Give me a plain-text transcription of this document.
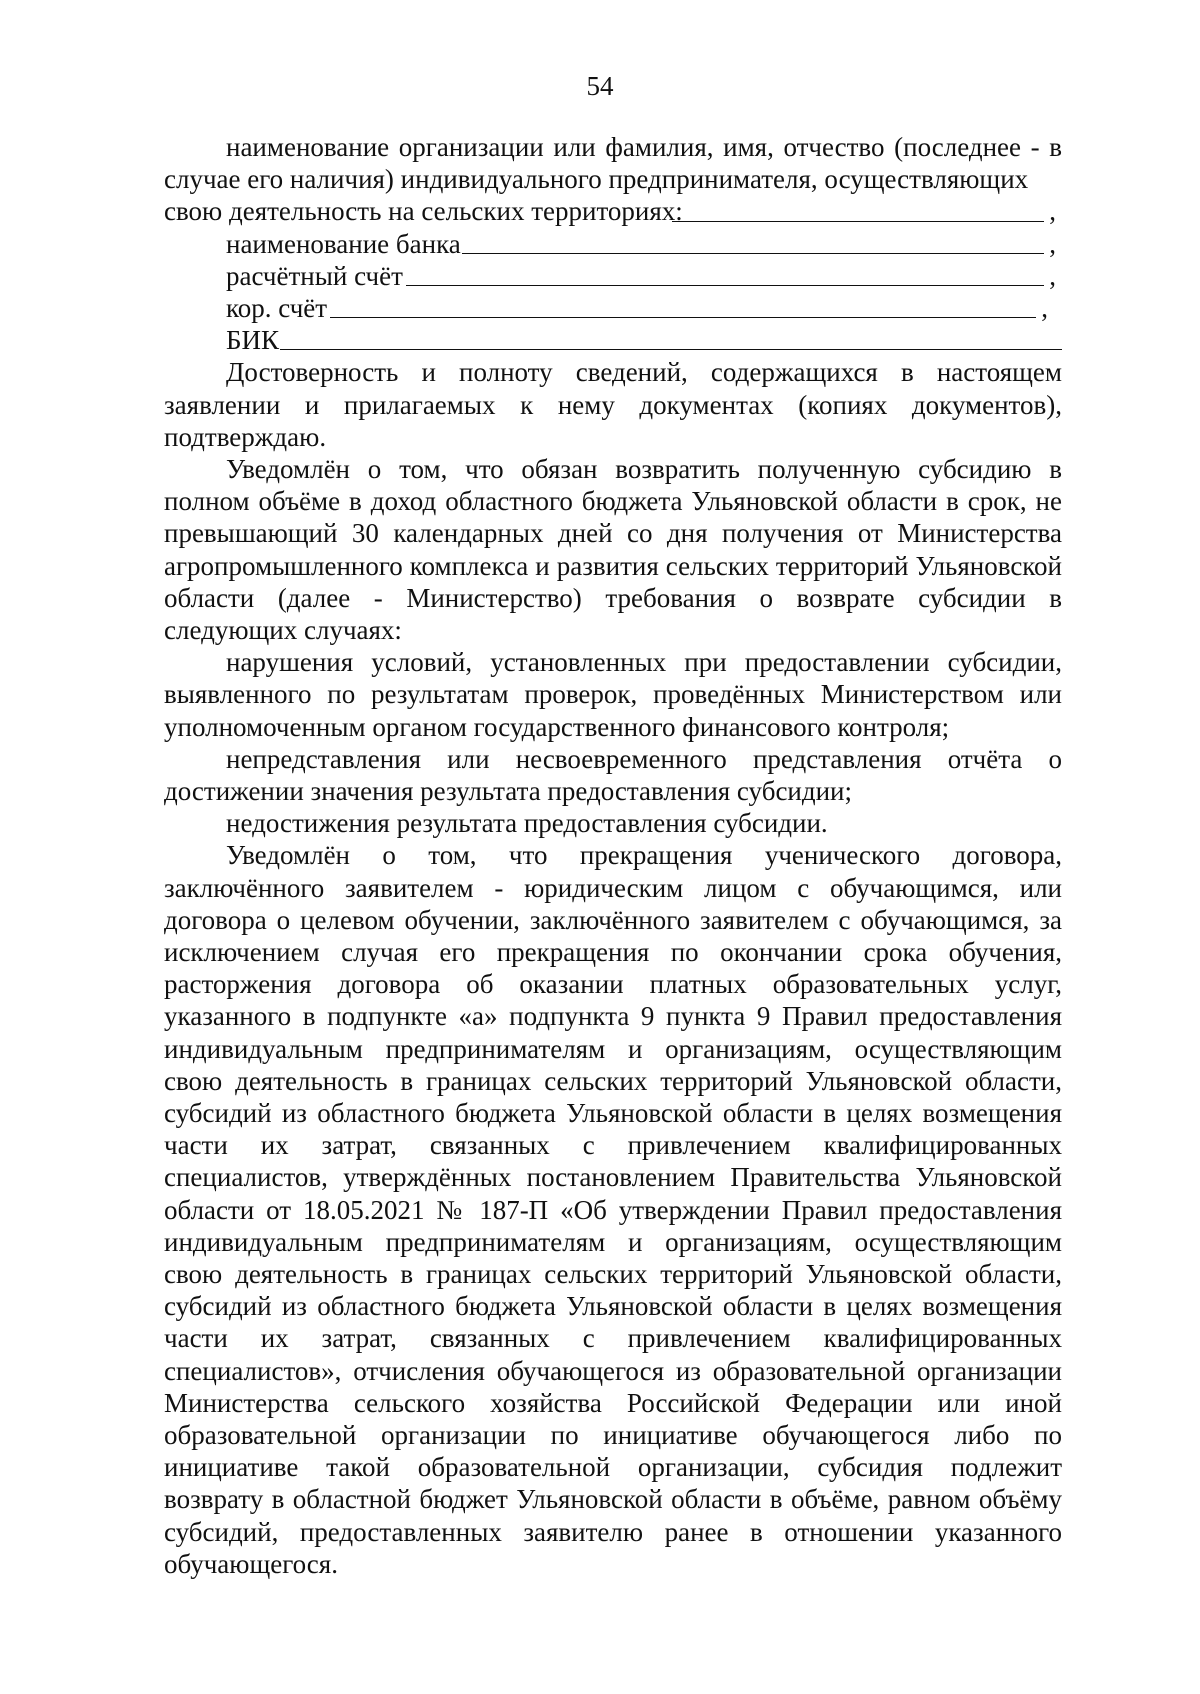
54

наименование организации или фамилия, имя, отчество (последнее - в случае его наличия) индивидуального предпринимателя, осуществляющих

свою деятельность на сельских территориях:	,
наименование банка	,
расчётный счёт	,
кор. счёт	,
БИК

Достоверность и полноту сведений, содержащихся в настоящем заявлении и прилагаемых к нему документах (копиях документов), подтверждаю.

Уведомлён о том, что обязан возвратить полученную субсидию в полном объёме в доход областного бюджета Ульяновской области в срок, не превышающий 30 календарных дней со дня получения от Министерства агропромышленного комплекса и развития сельских территорий Ульяновской области (далее - Министерство) требования о возврате субсидии в следующих случаях:

нарушения условий, установленных при предоставлении субсидии, выявленного по результатам проверок, проведённых Министерством или уполномоченным органом государственного финансового контроля;

непредставления или несвоевременного представления отчёта о достижении значения результата предоставления субсидии;

недостижения результата предоставления субсидии.

Уведомлён о том, что прекращения ученического договора, заключённого заявителем - юридическим лицом с обучающимся, или договора о целевом обучении, заключённого заявителем с обучающимся, за исключением случая его прекращения по окончании срока обучения, расторжения договора об оказании платных образовательных услуг, указанного в подпункте «а» подпункта 9 пункта 9 Правил предоставления индивидуальным предпринимателям и организациям, осуществляющим свою деятельность в границах сельских территорий Ульяновской области, субсидий из областного бюджета Ульяновской области в целях возмещения части их затрат, связанных с привлечением квалифицированных специалистов, утверждённых постановлением Правительства Ульяновской области от 18.05.2021 № 187-П «Об утверждении Правил предоставления индивидуальным предпринимателям и организациям, осуществляющим свою деятельность в границах сельских территорий Ульяновской области, субсидий из областного бюджета Ульяновской области в целях возмещения части их затрат, связанных с привлечением квалифицированных специалистов», отчисления обучающегося из образовательной организации Министерства сельского хозяйства Российской Федерации или иной образовательной организации по инициативе обучающегося либо по инициативе такой образовательной организации, субсидия подлежит возврату в областной бюджет Ульяновской области в объёме, равном объёму субсидий, предоставленных заявителю ранее в отношении указанного обучающегося.
